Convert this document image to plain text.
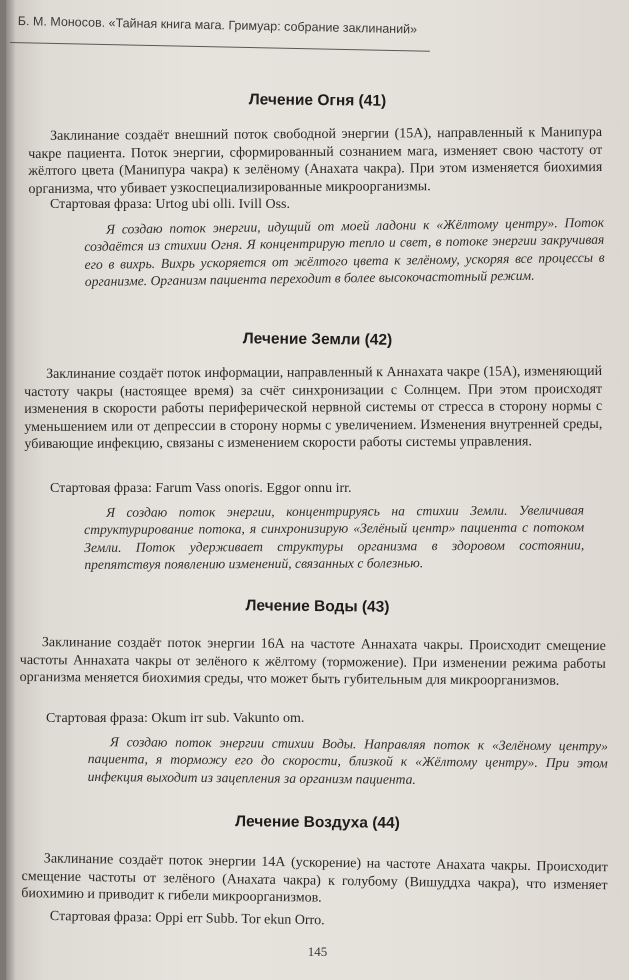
Б. М. Моносов. «Тайная книга мага. Гримуар: собрание заклинаний»
Лечение Огня (41)

Заклинание создаёт внешний поток свободной энергии (15А), направленный к Манипура чакре пациента. Поток энергии, сформированный сознанием мага, изменяет свою частоту от жёлтого цвета (Манипура чакра) к зелёному (Анахата чакра). При этом изменяется биохимия организма, что убивает узкоспециализированные микроорганизмы.

Стартовая фраза: Urtog ubi olli. Ivill Oss.

Я создаю поток энергии, идущий от моей ладони к «Жёлтому центру». Поток создаётся из стихии Огня. Я концентрирую тепло и свет, в потоке энергии закручивая его в вихрь. Вихрь ускоряется от жёлтого цвета к зелёному, ускоряя все процессы в организме. Организм пациента переходит в более высокочастотный режим.

Лечение Земли (42)

Заклинание создаёт поток информации, направленный к Аннахата чакре (15А), изменяющий частоту чакры (настоящее время) за счёт синхронизации с Солнцем. При этом происходят изменения в скорости работы периферической нервной системы от стресса в сторону нормы с уменьшением или от депрессии в сторону нормы с увеличением. Изменения внутренней среды, убивающие инфекцию, связаны с изменением скорости работы системы управления.

Стартовая фраза: Farum Vass onoris. Eggor onnu irr.

Я создаю поток энергии, концентрируясь на стихии Земли. Увеличивая структурирование потока, я синхронизирую «Зелёный центр» пациента с потоком Земли. Поток удерживает структуры организма в здоровом состоянии, препятствуя появлению изменений, связанных с болезнью.

Лечение Воды (43)

Заклинание создаёт поток энергии 16А на частоте Аннахата чакры. Происходит смещение частоты Аннахата чакры от зелёного к жёлтому (торможение). При изменении режима работы организма меняется биохимия среды, что может быть губительным для микроорганизмов.

Стартовая фраза: Okum irr sub. Vakunto om.

Я создаю поток энергии стихии Воды. Направляя поток к «Зелёному центру» пациента, я торможу его до скорости, близкой к «Жёлтому центру». При этом инфекция выходит из зацепления за организм пациента.

Лечение Воздуха (44)

Заклинание создаёт поток энергии 14А (ускорение) на частоте Анахата чакры. Происходит смещение частоты от зелёного (Анахата чакра) к голубому (Вишуддха чакра), что изменяет биохимию и приводит к гибели микроорганизмов.

Стартовая фраза: Oppi err Subb. Tor ekun Orro.
145
